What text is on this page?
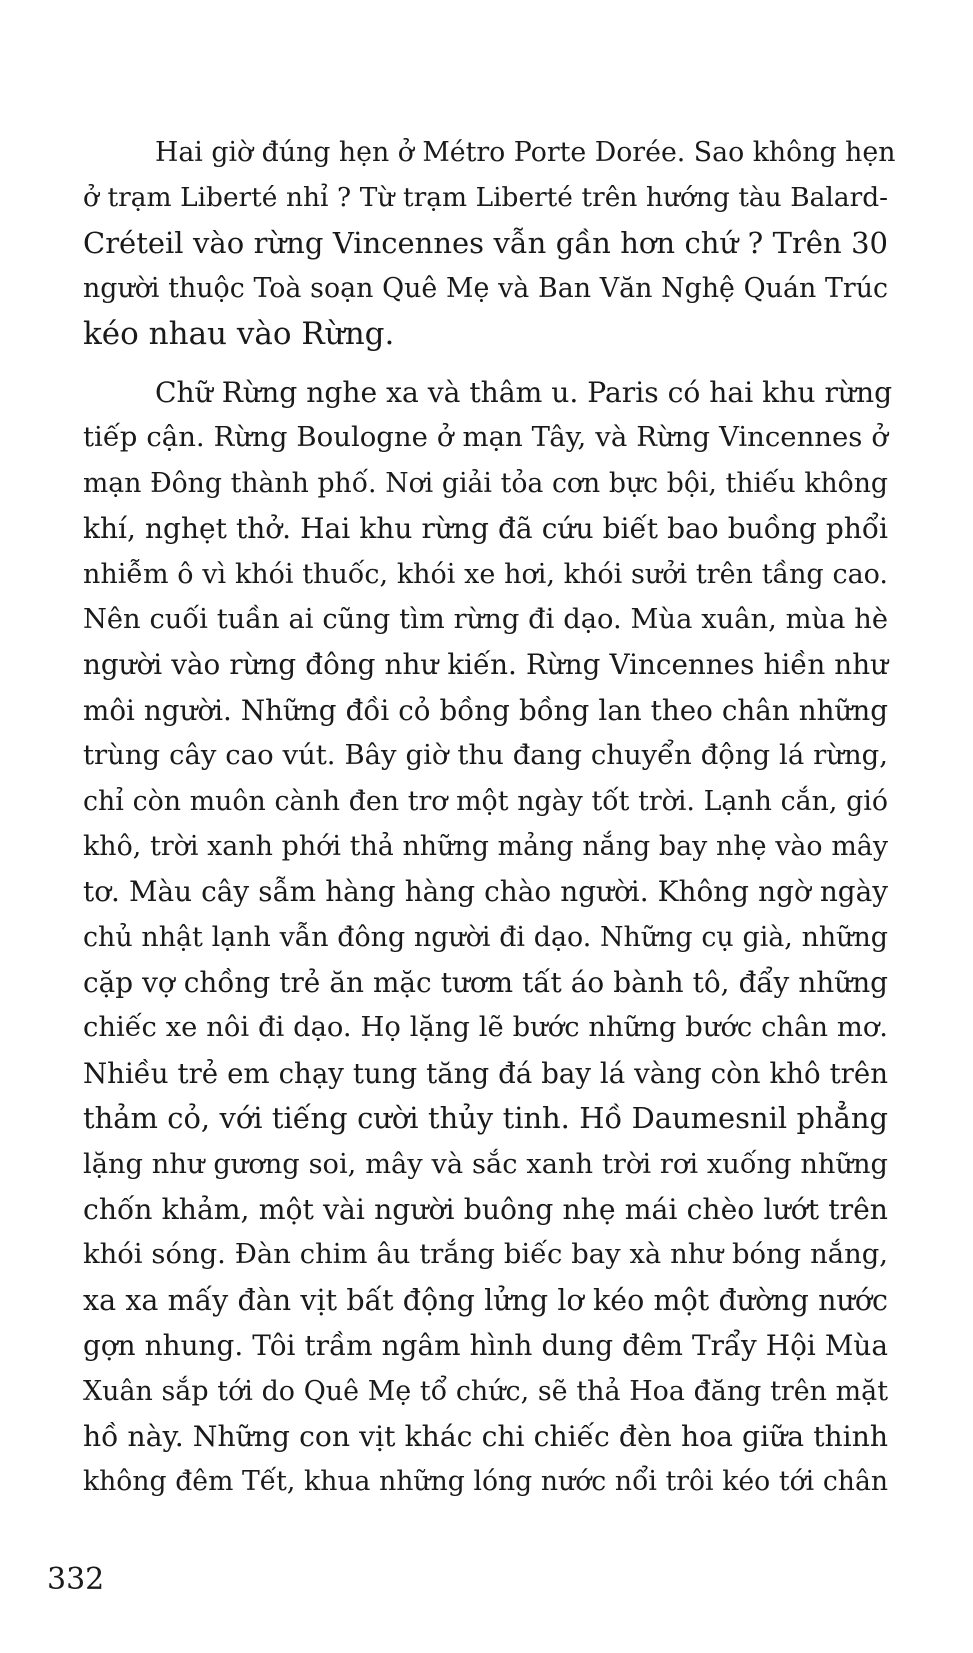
Hai giờ đúng hẹn ở Métro Porte Dorée. Sao không hẹn
ở trạm Liberté nhỉ ? Từ trạm Liberté trên hướng tàu Balard-
Créteil vào rừng Vincennes vẫn gần hơn chứ ? Trên 30
người thuộc Toà soạn Quê Mẹ và Ban Văn Nghệ Quán Trúc
kéo nhau vào Rừng.
Chữ Rừng nghe xa và thâm u. Paris có hai khu rừng
tiếp cận. Rừng Boulogne ở mạn Tây, và Rừng Vincennes ở
mạn Đông thành phố. Nơi giải tỏa cơn bực bội, thiếu không
khí, nghẹt thở. Hai khu rừng đã cứu biết bao buồng phổi
nhiễm ô vì khói thuốc, khói xe hơi, khói sưởi trên tầng cao.
Nên cuối tuần ai cũng tìm rừng đi dạo. Mùa xuân, mùa hè
người vào rừng đông như kiến. Rừng Vincennes hiền như
môi người. Những đồi cỏ bồng bồng lan theo chân những
trùng cây cao vút. Bây giờ thu đang chuyển động lá rừng,
chỉ còn muôn cành đen trơ một ngày tốt trời. Lạnh cắn, gió
khô, trời xanh phới thả những mảng nắng bay nhẹ vào mây
tơ. Màu cây sẫm hàng hàng chào người. Không ngờ ngày
chủ nhật lạnh vẫn đông người đi dạo. Những cụ già, những
cặp vợ chồng trẻ ăn mặc tươm tất áo bành tô, đẩy những
chiếc xe nôi đi dạo. Họ lặng lẽ bước những bước chân mơ.
Nhiều trẻ em chạy tung tăng đá bay lá vàng còn khô trên
thảm cỏ, với tiếng cười thủy tinh. Hồ Daumesnil phẳng
lặng như gương soi, mây và sắc xanh trời rơi xuống những
chốn khảm, một vài người buông nhẹ mái chèo lướt trên
khói sóng. Đàn chim âu trắng biếc bay xà như bóng nắng,
xa xa mấy đàn vịt bất động lửng lơ kéo một đường nước
gợn nhung. Tôi trầm ngâm hình dung đêm Trẩy Hội Mùa
Xuân sắp tới do Quê Mẹ tổ chức, sẽ thả Hoa đăng trên mặt
hồ này. Những con vịt khác chi chiếc đèn hoa giữa thinh
không đêm Tết, khua những lóng nước nổi trôi kéo tới chân
332
